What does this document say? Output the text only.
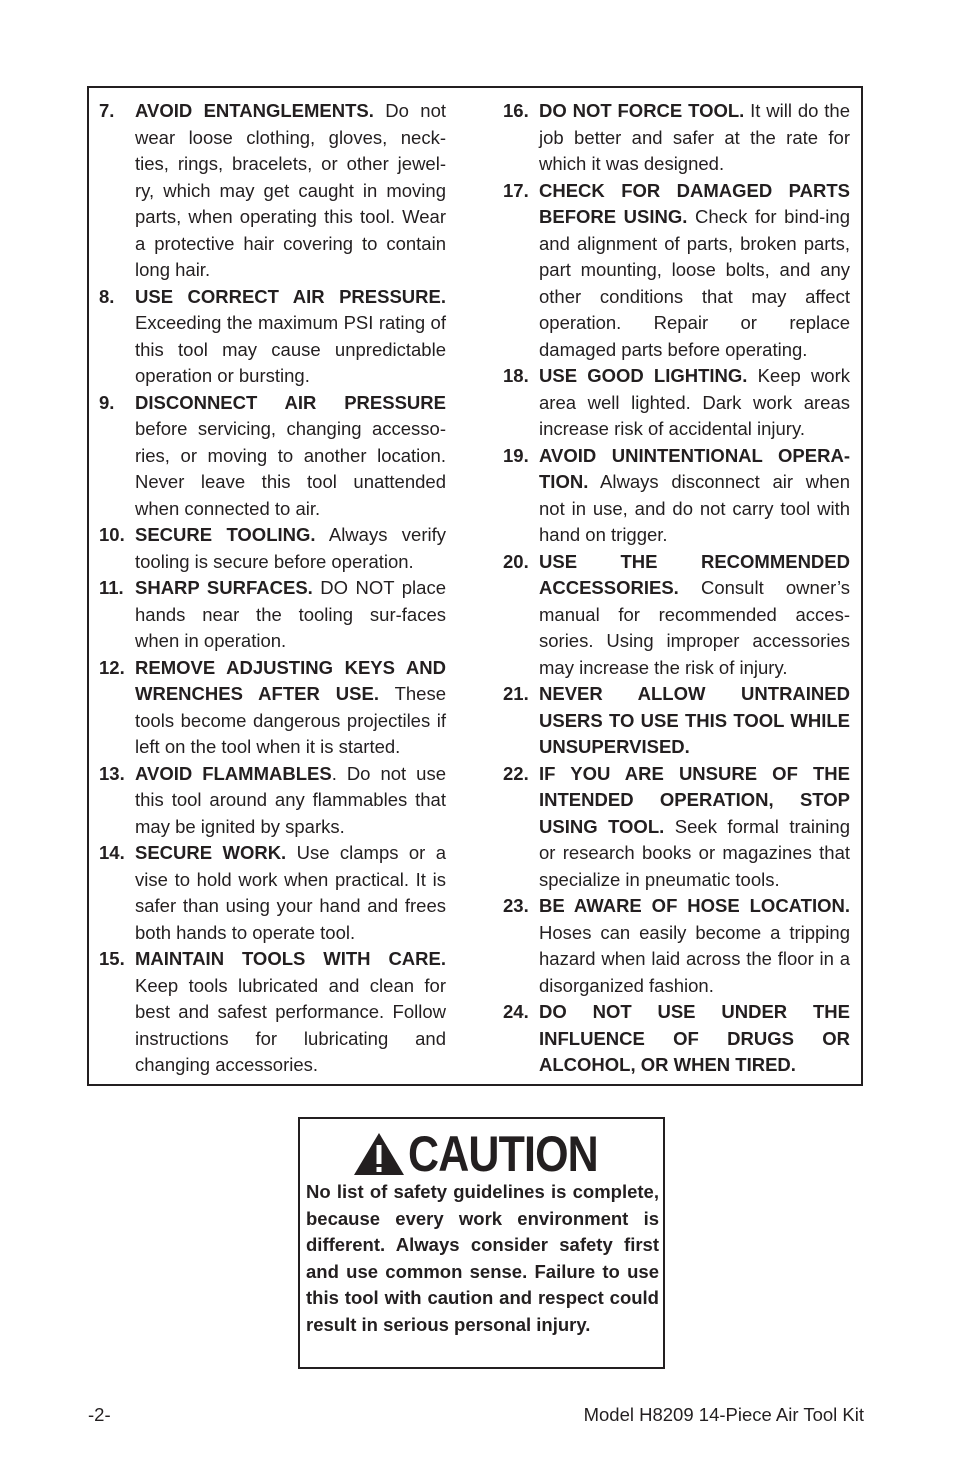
7.	AVOID ENTANGLEMENTS. Do not wear loose clothing, gloves, neck-ties, rings, bracelets, or other jewel-ry, which may get caught in moving parts, when operating this tool. Wear a protective hair covering to contain long hair.
8.	USE CORRECT AIR PRESSURE. Exceeding the maximum PSI rating of this tool may cause unpredictable operation or bursting.
9.	DISCONNECT AIR PRESSURE before servicing, changing accesso-ries, or moving to another location. Never leave this tool unattended when connected to air.
10. SECURE TOOLING. Always verify tooling is secure before operation.
11. SHARP SURFACES. DO NOT place hands near the tooling sur-faces when in operation.
12. REMOVE ADJUSTING KEYS AND WRENCHES AFTER USE. These tools become dangerous projectiles if left on the tool when it is started.
13. AVOID FLAMMABLES. Do not use this tool around any flammables that may be ignited by sparks.
14. SECURE WORK. Use clamps or a vise to hold work when practical. It is safer than using your hand and frees both hands to operate tool.
15. MAINTAIN TOOLS WITH CARE. Keep tools lubricated and clean for best and safest performance. Follow instructions for lubricating and changing accessories.
16. DO NOT FORCE TOOL. It will do the job better and safer at the rate for which it was designed.
17. CHECK FOR DAMAGED PARTS BEFORE USING. Check for bind-ing and alignment of parts, broken parts, part mounting, loose bolts, and any other conditions that may affect operation. Repair or replace damaged parts before operating.
18. USE GOOD LIGHTING. Keep work area well lighted. Dark work areas increase risk of accidental injury.
19. AVOID UNINTENTIONAL OPERA-TION. Always disconnect air when not in use, and do not carry tool with hand on trigger.
20. USE THE RECOMMENDED ACCESSORIES. Consult owner’s manual for recommended acces-sories. Using improper accessories may increase the risk of injury.
21. NEVER ALLOW UNTRAINED USERS TO USE THIS TOOL WHILE UNSUPERVISED.
22. IF YOU ARE UNSURE OF THE INTENDED OPERATION, STOP USING TOOL. Seek formal training or research books or magazines that specialize in pneumatic tools.
23. BE AWARE OF HOSE LOCATION. Hoses can easily become a tripping hazard when laid across the floor in a disorganized fashion.
24. DO NOT USE UNDER THE INFLUENCE OF DRUGS OR ALCOHOL, OR WHEN TIRED.
CAUTION
No list of safety guidelines is complete, because every work environment is different. Always consider safety first and use common sense. Failure to use this tool with caution and respect could result in serious personal injury.
-2-	Model H8209 14-Piece Air Tool Kit
